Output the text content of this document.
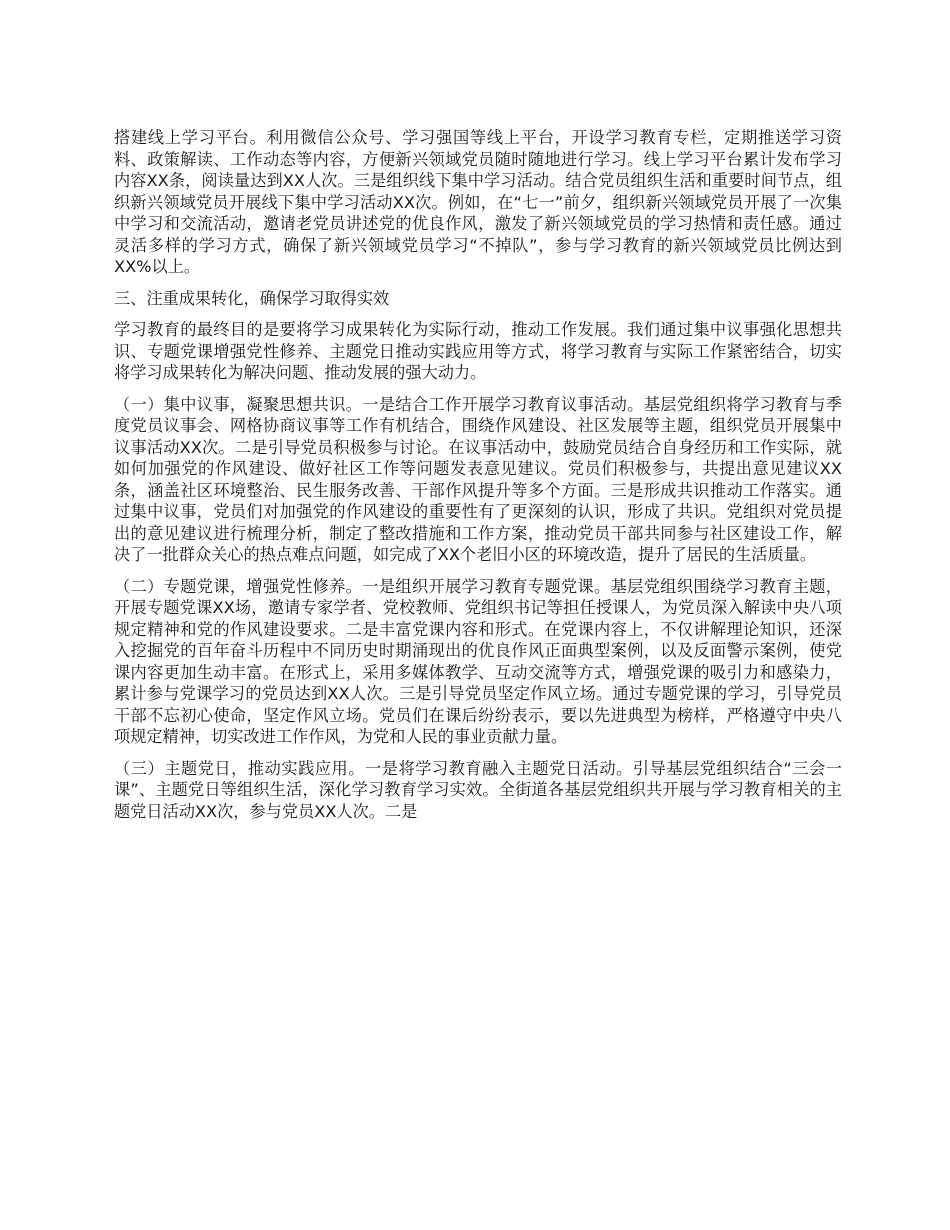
搭建线上学习平台。利用微信公众号、学习强国等线上平台，开设学习教育专栏，定期推送学习资料、政策解读、工作动态等内容，方便新兴领域党员随时随地进行学习。线上学习平台累计发布学习内容XX条，阅读量达到XX人次。三是组织线下集中学习活动。结合党员组织生活和重要时间节点，组织新兴领域党员开展线下集中学习活动XX次。例如，在“七一”前夕，组织新兴领域党员开展了一次集中学习和交流活动，邀请老党员讲述党的优良作风，激发了新兴领域党员的学习热情和责任感。通过灵活多样的学习方式，确保了新兴领域党员学习“不掉队”，参与学习教育的新兴领域党员比例达到XX%以上。

三、注重成果转化，确保学习取得实效

学习教育的最终目的是要将学习成果转化为实际行动，推动工作发展。我们通过集中议事强化思想共识、专题党课增强党性修养、主题党日推动实践应用等方式，将学习教育与实际工作紧密结合，切实将学习成果转化为解决问题、推动发展的强大动力。

（一）集中议事，凝聚思想共识。一是结合工作开展学习教育议事活动。基层党组织将学习教育与季度党员议事会、网格协商议事等工作有机结合，围绕作风建设、社区发展等主题，组织党员开展集中议事活动XX次。二是引导党员积极参与讨论。在议事活动中，鼓励党员结合自身经历和工作实际，就如何加强党的作风建设、做好社区工作等问题发表意见建议。党员们积极参与，共提出意见建议XX条，涵盖社区环境整治、民生服务改善、干部作风提升等多个方面。三是形成共识推动工作落实。通过集中议事，党员们对加强党的作风建设的重要性有了更深刻的认识，形成了共识。党组织对党员提出的意见建议进行梳理分析，制定了整改措施和工作方案，推动党员干部共同参与社区建设工作，解决了一批群众关心的热点难点问题，如完成了XX个老旧小区的环境改造，提升了居民的生活质量。

（二）专题党课，增强党性修养。一是组织开展学习教育专题党课。基层党组织围绕学习教育主题，开展专题党课XX场，邀请专家学者、党校教师、党组织书记等担任授课人，为党员深入解读中央八项规定精神和党的作风建设要求。二是丰富党课内容和形式。在党课内容上，不仅讲解理论知识，还深入挖掘党的百年奋斗历程中不同历史时期涌现出的优良作风正面典型案例，以及反面警示案例，使党课内容更加生动丰富。在形式上，采用多媒体教学、互动交流等方式，增强党课的吸引力和感染力，累计参与党课学习的党员达到XX人次。三是引导党员坚定作风立场。通过专题党课的学习，引导党员干部不忘初心使命，坚定作风立场。党员们在课后纷纷表示，要以先进典型为榜样，严格遵守中央八项规定精神，切实改进工作作风，为党和人民的事业贡献力量。

（三）主题党日，推动实践应用。一是将学习教育融入主题党日活动。引导基层党组织结合“三会一课”、主题党日等组织生活，深化学习教育学习实效。全街道各基层党组织共开展与学习教育相关的主题党日活动XX次，参与党员XX人次。二是
